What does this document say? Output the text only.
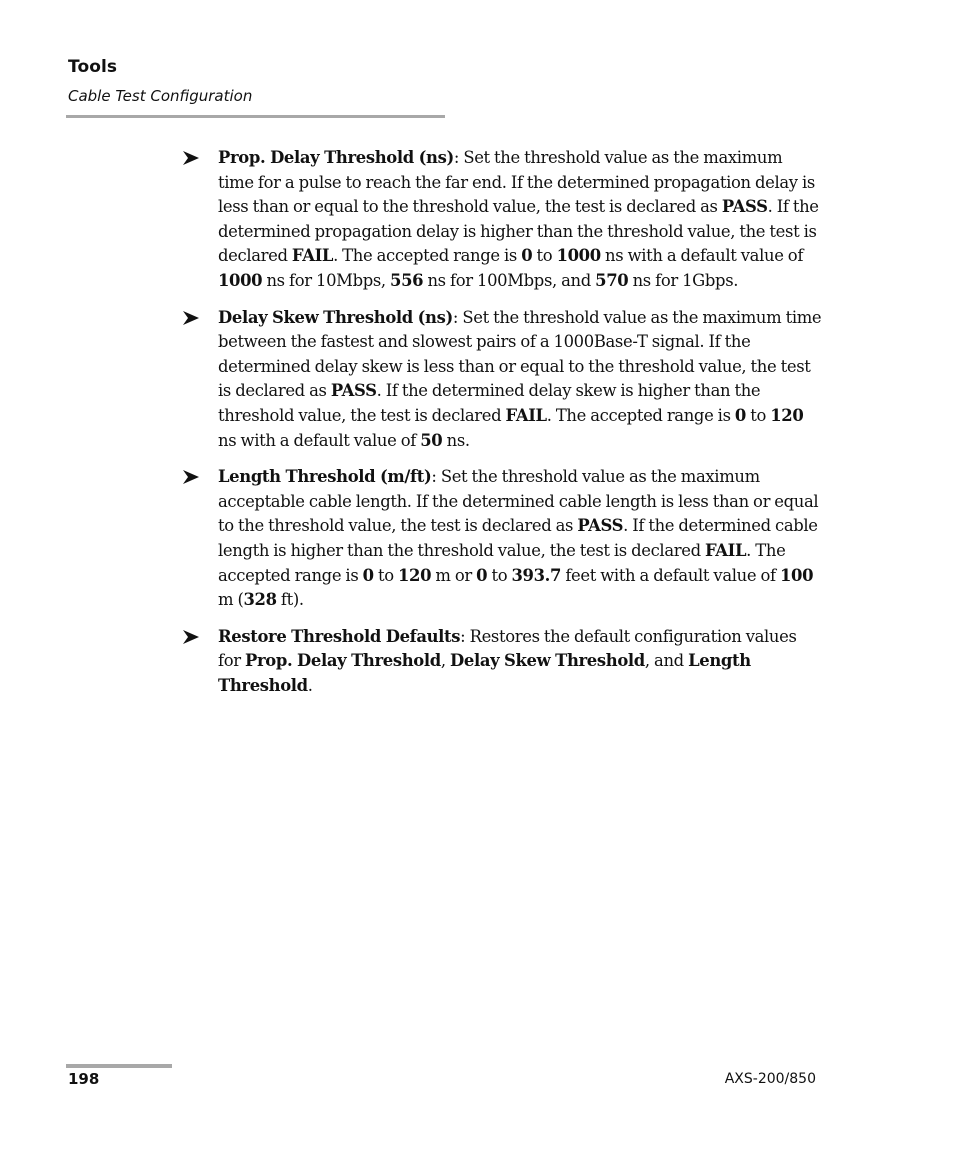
Tools
Cable Test Configuration
Prop. Delay Threshold (ns): Set the threshold value as the maximum time for a pulse to reach the far end. If the determined propagation delay is less than or equal to the threshold value, the test is declared as PASS. If the determined propagation delay is higher than the threshold value, the test is declared FAIL. The accepted range is 0 to 1000 ns with a default value of 1000 ns for 10Mbps, 556 ns for 100Mbps, and 570 ns for 1Gbps.
Delay Skew Threshold (ns): Set the threshold value as the maximum time between the fastest and slowest pairs of a 1000Base-T signal. If the determined delay skew is less than or equal to the threshold value, the test is declared as PASS. If the determined delay skew is higher than the threshold value, the test is declared FAIL. The accepted range is 0 to 120 ns with a default value of 50 ns.
Length Threshold (m/ft): Set the threshold value as the maximum acceptable cable length. If the determined cable length is less than or equal to the threshold value, the test is declared as PASS. If the determined cable length is higher than the threshold value, the test is declared FAIL. The accepted range is 0 to 120 m or 0 to 393.7 feet with a default value of 100 m (328 ft).
Restore Threshold Defaults: Restores the default configuration values for Prop. Delay Threshold, Delay Skew Threshold, and Length Threshold.
198	AXS-200/850
